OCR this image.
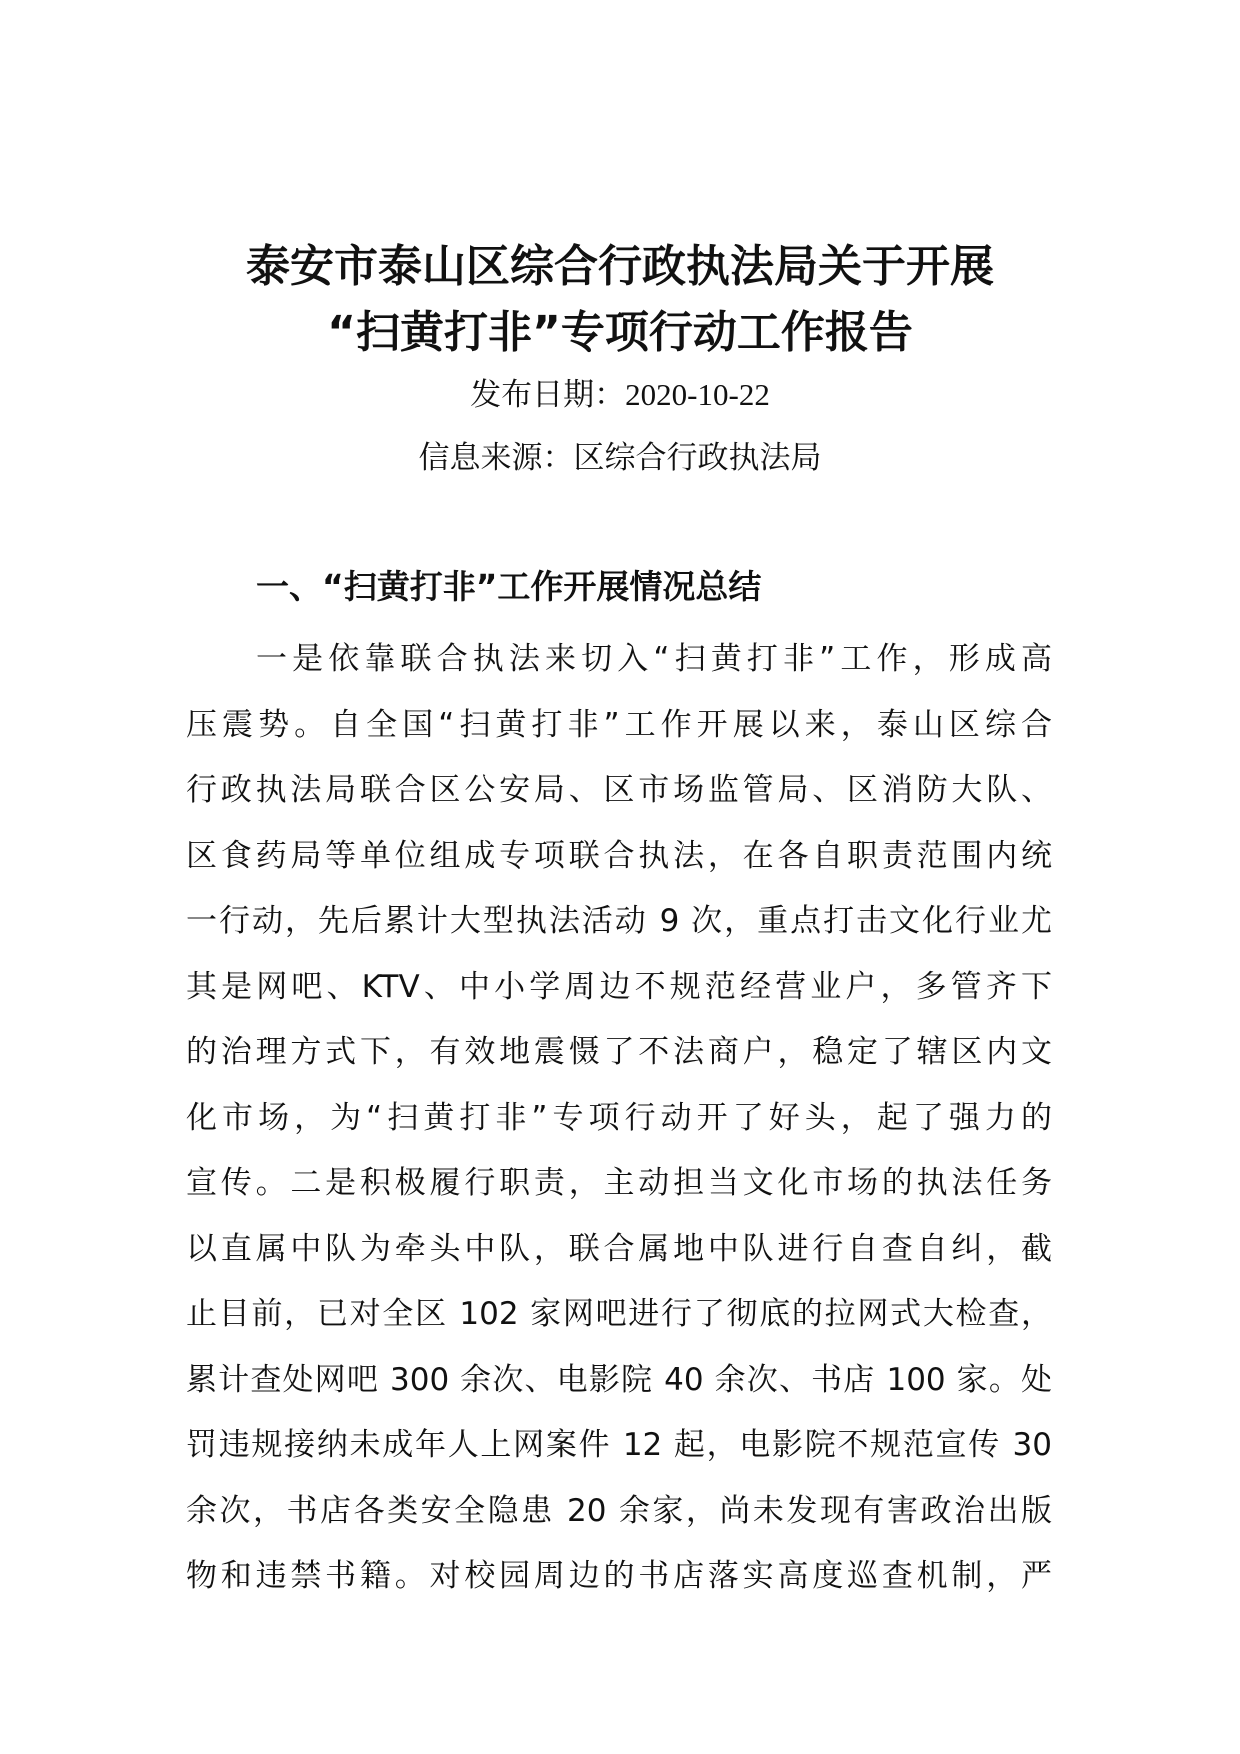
泰安市泰山区综合行政执法局关于开展
“扫黄打非”专项行动工作报告
发布日期：2020-10-22
信息来源：区综合行政执法局
一、“扫黄打非”工作开展情况总结
一是依靠联合执法来切入“扫黄打非”工作，形成高
压震势。自全国“扫黄打非”工作开展以来，泰山区综合
行政执法局联合区公安局、区市场监管局、区消防大队、
区食药局等单位组成专项联合执法，在各自职责范围内统
一行动，先后累计大型执法活动 9 次，重点打击文化行业尤
其是网吧、KTV、中小学周边不规范经营业户，多管齐下
的治理方式下，有效地震慑了不法商户，稳定了辖区内文
化市场，为“扫黄打非”专项行动开了好头，起了强力的
宣传。二是积极履行职责，主动担当文化市场的执法任务
以直属中队为牵头中队，联合属地中队进行自查自纠，截
止目前，已对全区 102 家网吧进行了彻底的拉网式大检查，
累计查处网吧 300 余次、电影院 40 余次、书店 100 家。处
罚违规接纳未成年人上网案件 12 起，电影院不规范宣传 30
余次，书店各类安全隐患 20 余家，尚未发现有害政治出版
物和违禁书籍。对校园周边的书店落实高度巡查机制，严
